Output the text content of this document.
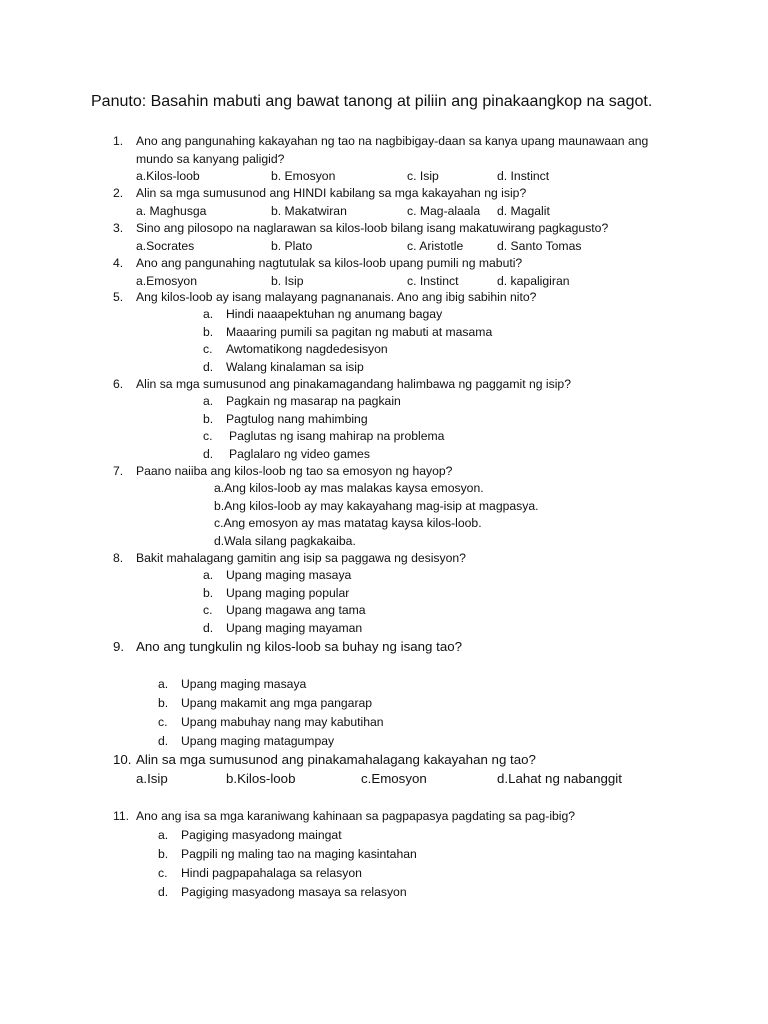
Panuto: Basahin mabuti ang bawat tanong at piliin ang pinakaangkop na sagot.
1. Ano ang pangunahing kakayahan ng tao na nagbibigay-daan sa kanya upang maunawaan ang
mundo sa kanyang paligid?
a.Kilos-loob	b. Emosyon	c. Isip	d. Instinct
2. Alin sa mga sumusunod ang HINDI kabilang sa mga kakayahan ng isip?
a. Maghusga	b. Makatwiran	c. Mag-alaala	d. Magalit
3. Sino ang pilosopo na naglarawan sa kilos-loob bilang isang makatuwirang pagkagusto?
a.Socrates	b. Plato	c. Aristotle	d. Santo Tomas
4. Ano ang pangunahing nagtutulak sa kilos-loob upang pumili ng mabuti?
a.Emosyon	b. Isip	c. Instinct	d. kapaligiran
5. Ang kilos-loob ay isang malayang pagnananais. Ano ang ibig sabihin nito?
a.	Hindi naaapektuhan ng anumang bagay
b.	Maaaring pumili sa pagitan ng mabuti at masama
c.	Awtomatikong nagdedesisyon
d.	Walang kinalaman sa isip
6. Alin sa mga sumusunod ang pinakamagandang halimbawa ng paggamit ng isip?
a.	Pagkain ng masarap na pagkain
b.	Pagtulog nang mahimbing
c.	Paglutas ng isang mahirap na problema
d.	Paglalaro ng video games
7. Paano naiiba ang kilos-loob ng tao sa emosyon ng hayop?
a. Ang kilos-loob ay mas malakas kaysa emosyon.
b. Ang kilos-loob ay may kakayahang mag-isip at magpasya.
c. Ang emosyon ay mas matatag kaysa kilos-loob.
d. Wala silang pagkakaiba.
8. Bakit mahalagang gamitin ang isip sa paggawa ng desisyon?
a.	Upang maging masaya
b.	Upang maging popular
c.	Upang magawa ang tama
d.	Upang maging mayaman
9. Ano ang tungkulin ng kilos-loob sa buhay ng isang tao?
a.	Upang maging masaya
b.	Upang makamit ang mga pangarap
c.	Upang mabuhay nang may kabutihan
d.	Upang maging matagumpay
10. Alin sa mga sumusunod ang pinakamahalagang kakayahan ng tao?
a.Isip	b.Kilos-loob	c.Emosyon	d.Lahat ng nabanggit
11. Ano ang isa sa mga karaniwang kahinaan sa pagpapasya pagdating sa pag-ibig?
a.	Pagiging masyadong maingat
b.	Pagpili ng maling tao na maging kasintahan
c.	Hindi pagpapahalaga sa relasyon
d.	Pagiging masyadong masaya sa relasyon
